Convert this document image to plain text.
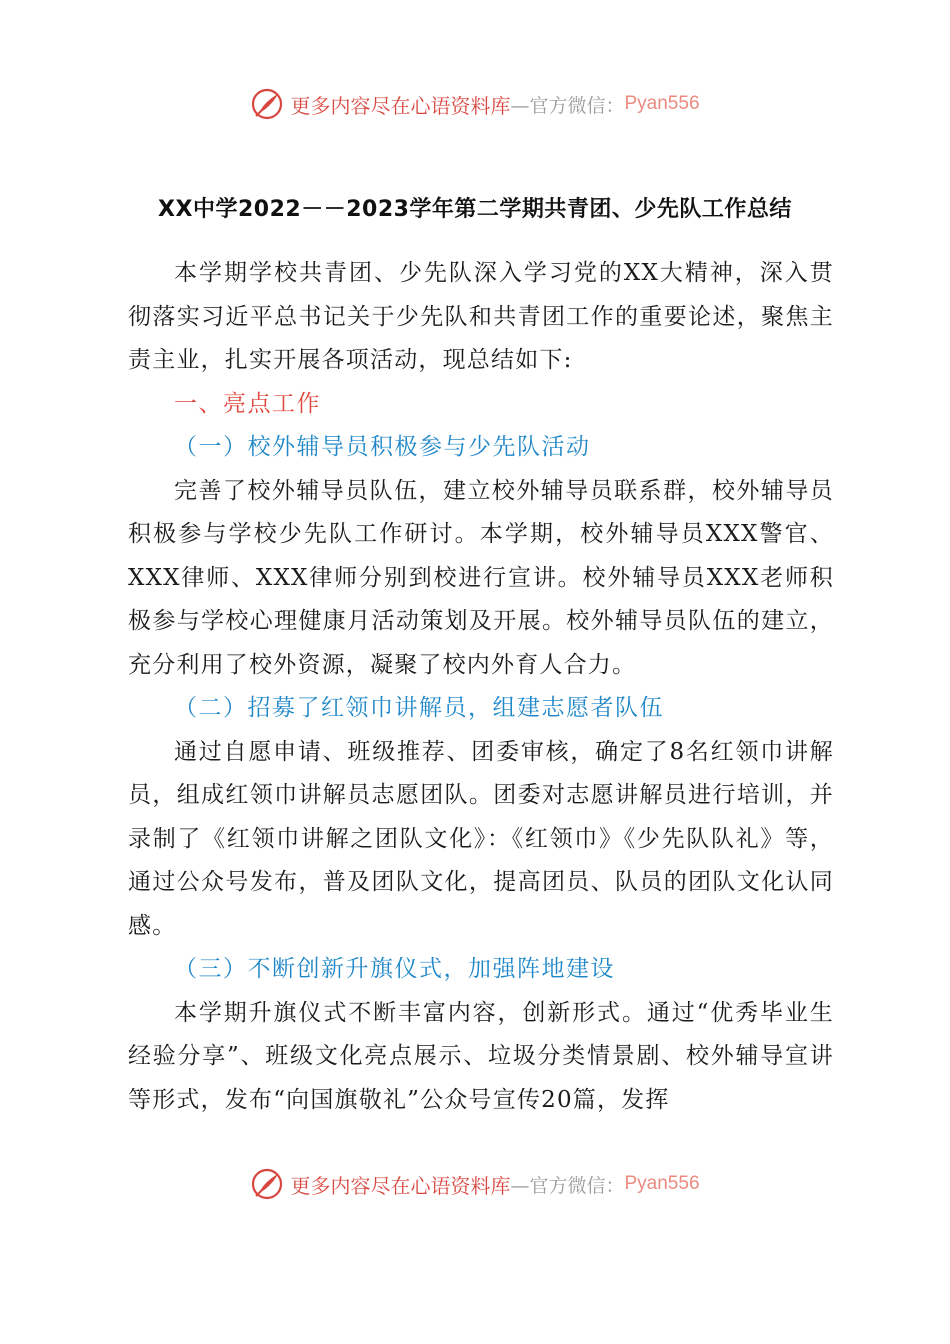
更多内容尽在心语资料库 —官方微信： Pyan556
XX中学2022－－2023学年第二学期共青团、少先队工作总结

本学期学校共青团、少先队深入学习党的XX大精神，深入贯彻落实习近平总书记关于少先队和共青团工作的重要论述，聚焦主责主业，扎实开展各项活动，现总结如下:

一、亮点工作

（一）校外辅导员积极参与少先队活动

完善了校外辅导员队伍，建立校外辅导员联系群，校外辅导员积极参与学校少先队工作研讨。本学期，校外辅导员XXX警官、XXX律师、XXX律师分别到校进行宣讲。校外辅导员XXX老师积极参与学校心理健康月活动策划及开展。校外辅导员队伍的建立，充分利用了校外资源，凝聚了校内外育人合力。

（二）招募了红领巾讲解员，组建志愿者队伍

通过自愿申请、班级推荐、团委审核，确定了8名红领巾讲解员，组成红领巾讲解员志愿团队。团委对志愿讲解员进行培训，并录制了《红领巾讲解之团队文化》：《红领巾》《少先队队礼》等，通过公众号发布，普及团队文化，提高团员、队员的团队文化认同感。

（三）不断创新升旗仪式，加强阵地建设

本学期升旗仪式不断丰富内容，创新形式。通过“优秀毕业生经验分享”、班级文化亮点展示、垃圾分类情景剧、校外辅导宣讲等形式，发布“向国旗敬礼”公众号宣传20篇，发挥

更多内容尽在心语资料库 —官方微信： Pyan556
